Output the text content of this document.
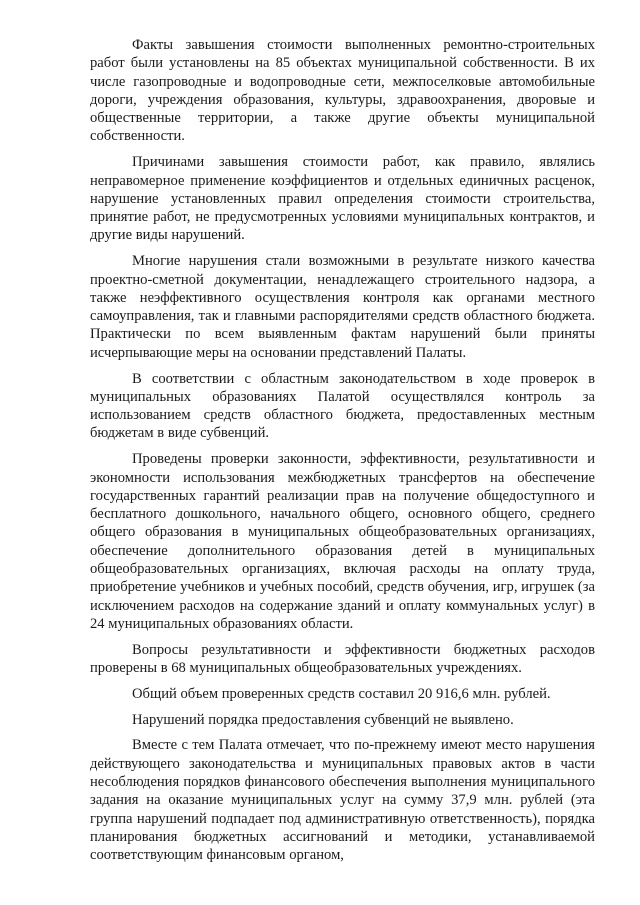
Факты завышения стоимости выполненных ремонтно-строительных работ были установлены на 85 объектах муниципальной собственности. В их числе газопроводные и водопроводные сети, межпоселковые автомобильные дороги, учреждения образования, культуры, здравоохранения, дворовые и общественные территории, а также другие объекты муниципальной собственности.

Причинами завышения стоимости работ, как правило, являлись неправомерное применение коэффициентов и отдельных единичных расценок, нарушение установленных правил определения стоимости строительства, принятие работ, не предусмотренных условиями муниципальных контрактов, и другие виды нарушений.

Многие нарушения стали возможными в результате низкого качества проектно-сметной документации, ненадлежащего строительного надзора, а также неэффективного осуществления контроля как органами местного самоуправления, так и главными распорядителями средств областного бюджета. Практически по всем выявленным фактам нарушений были приняты исчерпывающие меры на основании представлений Палаты.

В соответствии с областным законодательством в ходе проверок в муниципальных образованиях Палатой осуществлялся контроль за использованием средств областного бюджета, предоставленных местным бюджетам в виде субвенций.

Проведены проверки законности, эффективности, результативности и экономности использования межбюджетных трансфертов на обеспечение государственных гарантий реализации прав на получение общедоступного и бесплатного дошкольного, начального общего, основного общего, среднего общего образования в муниципальных общеобразовательных организациях, обеспечение дополнительного образования детей в муниципальных общеобразовательных организациях, включая расходы на оплату труда, приобретение учебников и учебных пособий, средств обучения, игр, игрушек (за исключением расходов на содержание зданий и оплату коммунальных услуг) в 24 муниципальных образованиях области.

Вопросы результативности и эффективности бюджетных расходов проверены в 68 муниципальных общеобразовательных учреждениях.

Общий объем проверенных средств составил 20 916,6 млн. рублей.

Нарушений порядка предоставления субвенций не выявлено.

Вместе с тем Палата отмечает, что по-прежнему имеют место нарушения действующего законодательства и муниципальных правовых актов в части несоблюдения порядков финансового обеспечения выполнения муниципального задания на оказание муниципальных услуг на сумму 37,9 млн. рублей (эта группа нарушений подпадает под административную ответственность), порядка планирования бюджетных ассигнований и методики, устанавливаемой соответствующим финансовым органом,
